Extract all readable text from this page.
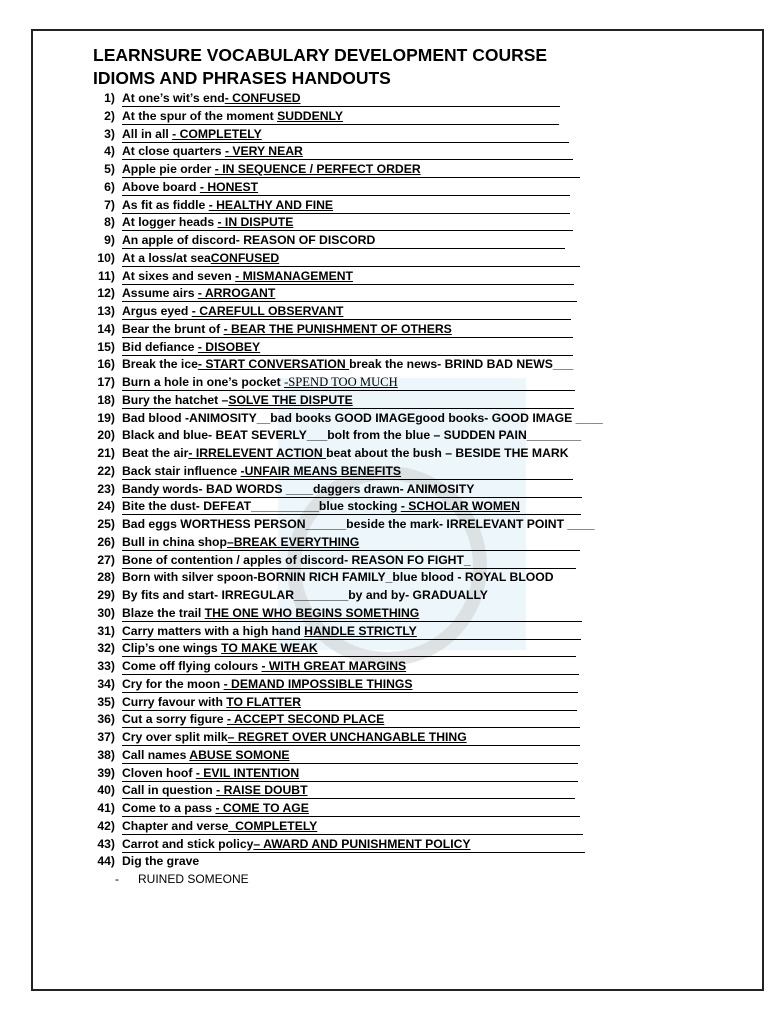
LEARNSURE VOCABULARY DEVELOPMENT COURSE
IDIOMS AND PHRASES HANDOUTS
1) At one’s wit’s end- CONFUSED
2) At the spur of the moment SUDDENLY
3) All in all - COMPLETELY
4) At close quarters - VERY NEAR
5) Apple pie order - IN SEQUENCE / PERFECT ORDER
6) Above board - HONEST
7) As fit as fiddle - HEALTHY AND FINE
8) At logger heads - IN DISPUTE
9) An apple of discord- REASON OF DISCORD
10) At a loss/at seaCONFUSED
11) At sixes and seven - MISMANAGEMENT
12) Assume airs - ARROGANT
13) Argus eyed - CAREFULL OBSERVANT
14) Bear the brunt of - BEAR THE PUNISHMENT OF OTHERS
15) Bid defiance - DISOBEY
16) Break the ice- START CONVERSATION break the news- BRIND BAD NEWS___
17) Burn a hole in one’s pocket -SPEND TOO MUCH
18) Bury the hatchet –SOLVE THE DISPUTE
19) Bad blood -ANIMOSITY__bad books GOOD IMAGEgood books- GOOD IMAGE ____
20) Black and blue- BEAT SEVERLY___bolt from the blue – SUDDEN PAIN________
21) Beat the air- IRRELEVENT ACTION beat about the bush – BESIDE THE MARK
22) Back stair influence -UNFAIR MEANS BENEFITS
23) Bandy words- BAD WORDS ____daggers drawn- ANIMOSITY
24) Bite the dust- DEFEAT__________blue stocking - SCHOLAR WOMEN
25) Bad eggs WORTHESS PERSON______beside the mark- IRRELEVANT POINT ____
26) Bull in china shop–BREAK EVERYTHING
27) Bone of contention / apples of discord- REASON FO FIGHT_
28) Born with silver spoon-BORNIN RICH FAMILY_blue blood - ROYAL BLOOD
29) By fits and start- IRREGULAR________by and by- GRADUALLY
30) Blaze the trail THE ONE WHO BEGINS SOMETHING
31) Carry matters with a high hand HANDLE STRICTLY
32) Clip’s one wings TO MAKE WEAK
33) Come off flying colours - WITH GREAT MARGINS
34) Cry for the moon - DEMAND IMPOSSIBLE THINGS
35) Curry favour with TO FLATTER
36) Cut a sorry figure - ACCEPT SECOND PLACE
37) Cry over split milk– REGRET OVER UNCHANGABLE THING
38) Call names ABUSE SOMONE
39) Cloven hoof - EVIL INTENTION
40) Call in question - RAISE DOUBT
41) Come to a pass - COME TO AGE
42) Chapter and verse_COMPLETELY
43) Carrot and stick policy– AWARD AND PUNISHMENT POLICY
44) Dig the grave
- RUINED SOMEONE
